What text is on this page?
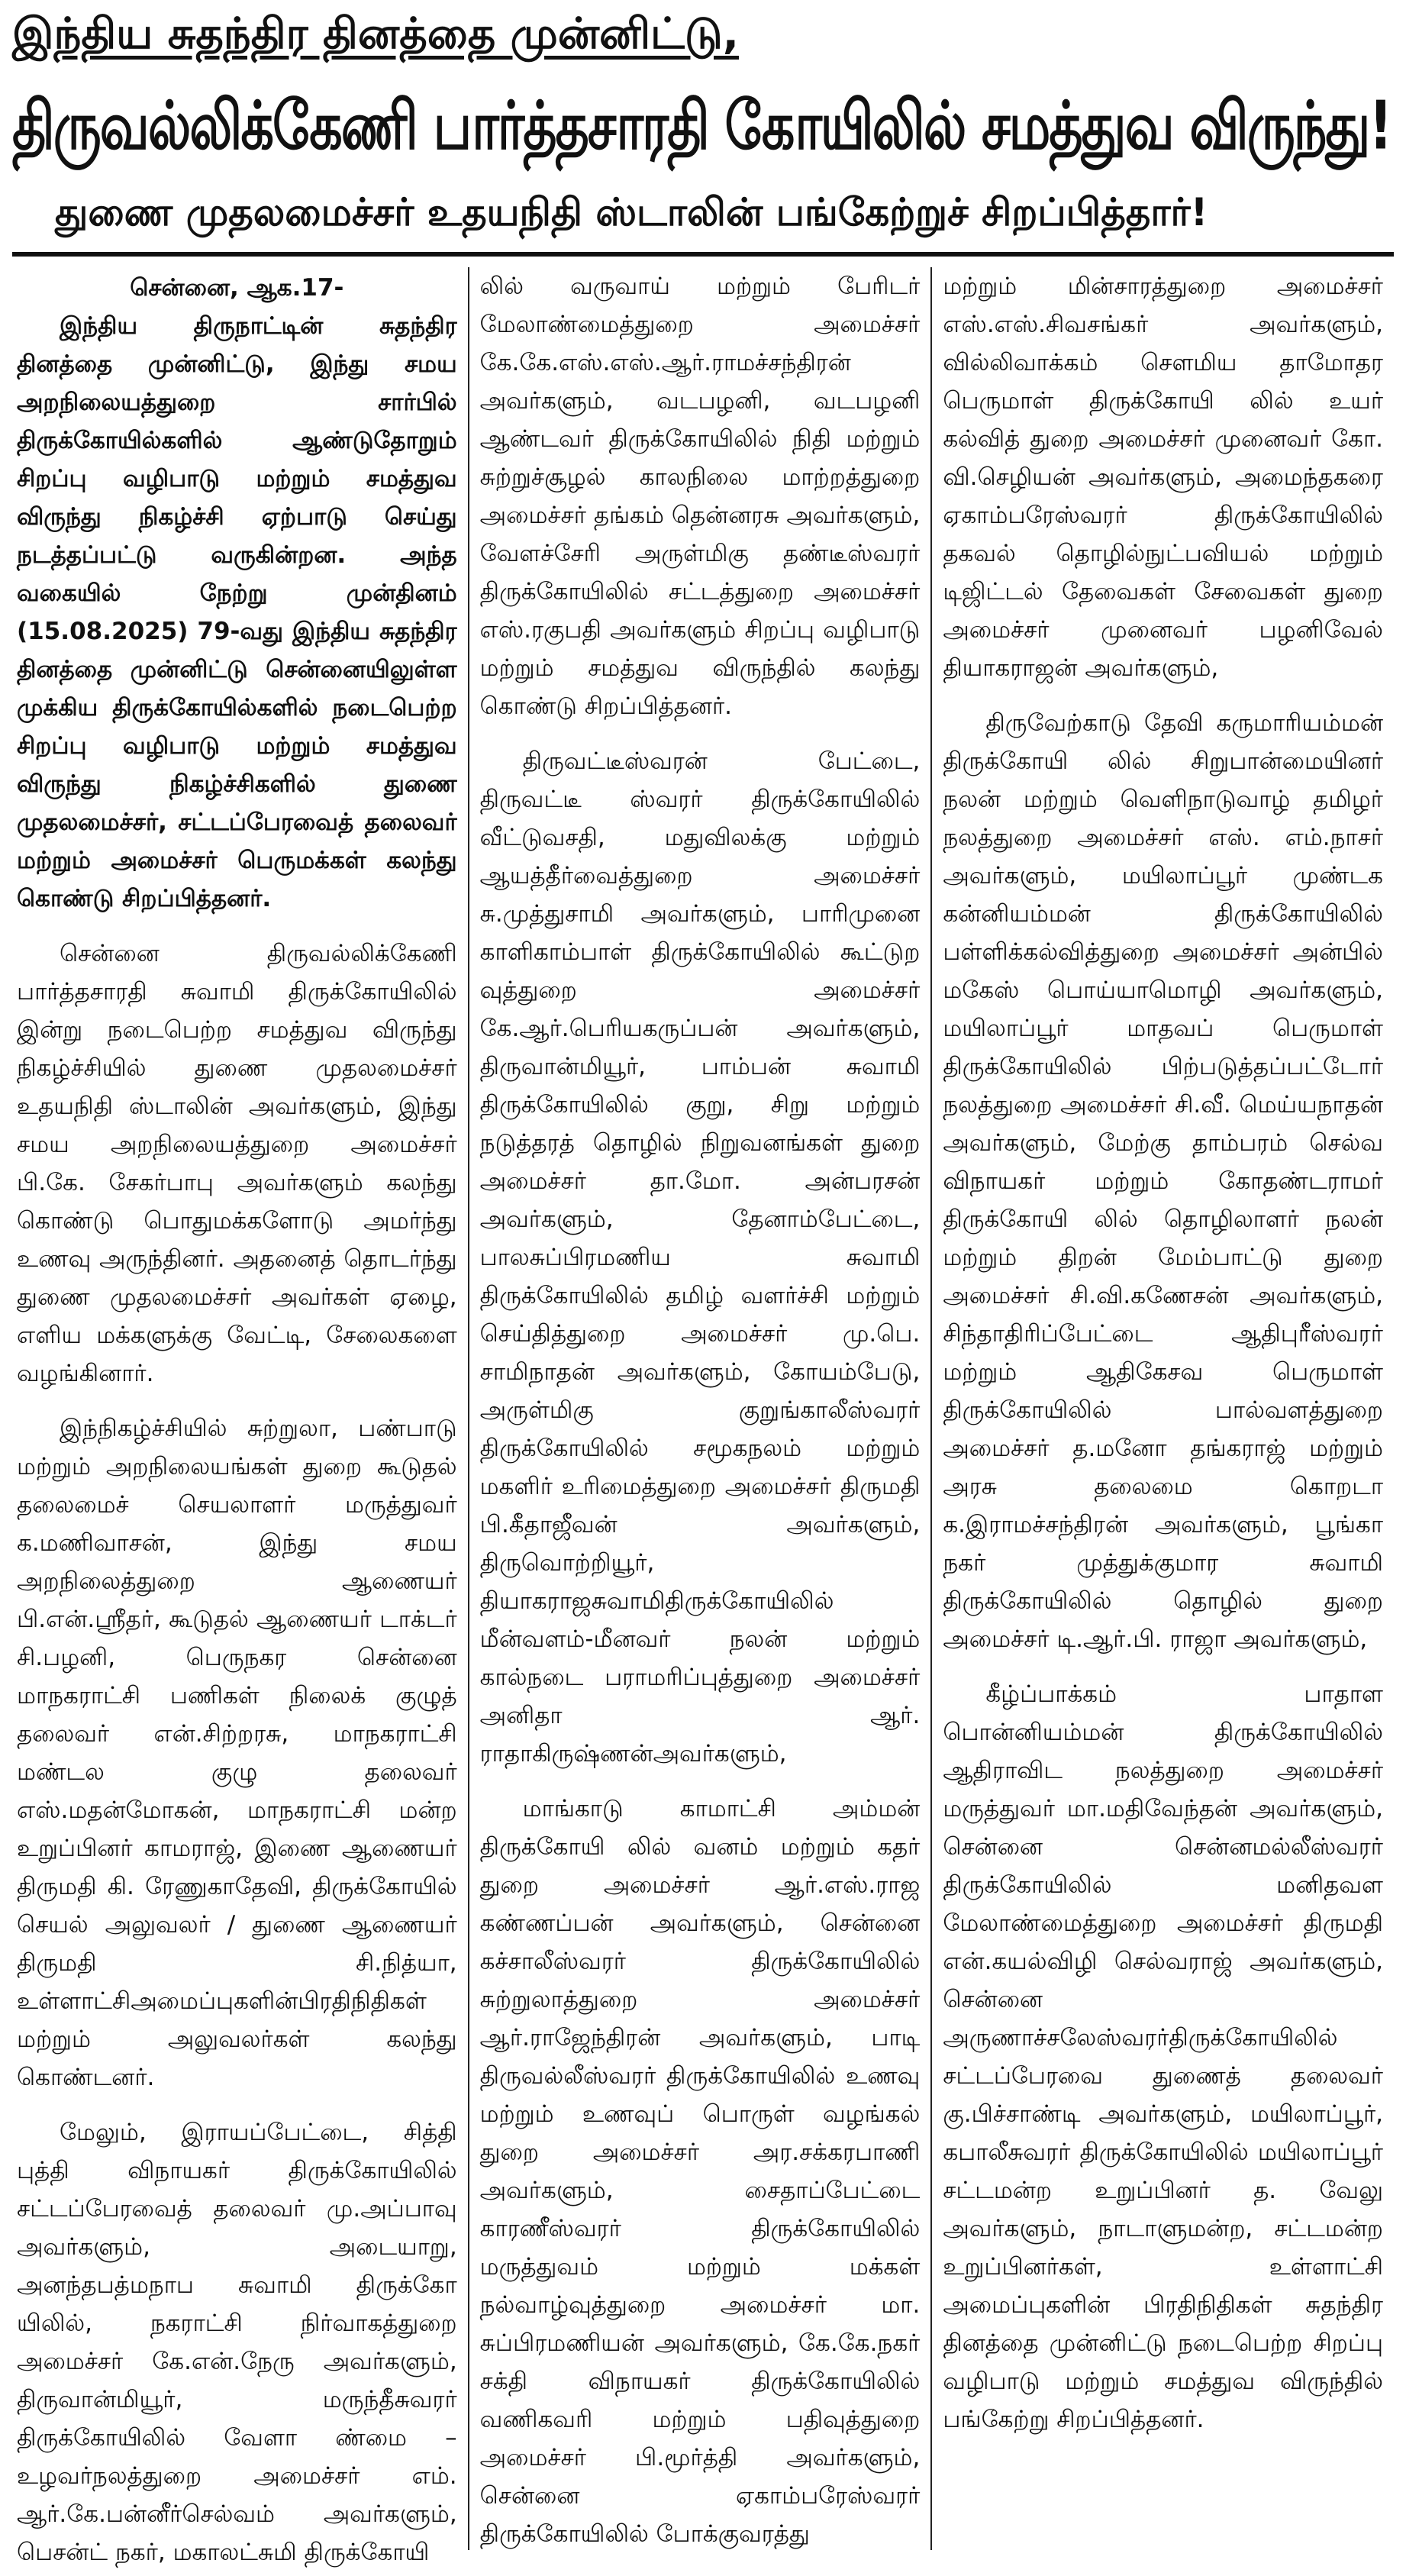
இந்திய சுதந்திர தினத்தை முன்னிட்டு,
திருவல்லிக்கேணி பார்த்தசாரதி கோயிலில் சமத்துவ விருந்து!
துணை முதலமைச்சர் உதயநிதி ஸ்டாலின் பங்கேற்றுச் சிறப்பித்தார்!
சென்னை, ஆக.17-

இந்திய திருநாட்டின் சுதந்திர தினத்தை முன்னிட்டு, இந்து சமய அறநிலையத்துறை சார்பில் திருக்கோயில்களில் ஆண்டுதோறும் சிறப்பு வழிபாடு மற்றும் சமத்துவ விருந்து நிகழ்ச்சி ஏற்பாடு செய்து நடத்தப்பட்டு வருகின்றன. அந்த வகையில் நேற்று முன்தினம் (15.08.2025) 79-வது இந்திய சுதந்திர தினத்தை முன்னிட்டு சென்னையிலுள்ள முக்கிய திருக்கோயில்களில் நடைபெற்ற சிறப்பு வழிபாடு மற்றும் சமத்துவ விருந்து நிகழ்ச்சிகளில் துணை முதலமைச்சர், சட்டப்பேரவைத் தலைவர் மற்றும் அமைச்சர் பெருமக்கள் கலந்து கொண்டு சிறப்பித்தனர்.

சென்னை திருவல்லிக்கேணி பார்த்தசாரதி சுவாமி திருக்கோயிலில் இன்று நடைபெற்ற சமத்துவ விருந்து நிகழ்ச்சியில் துணை முதலமைச்சர் உதயநிதி ஸ்டாலின் அவர்களும், இந்து சமய அறநிலையத்துறை அமைச்சர் பி.கே. சேகர்பாபு அவர்களும் கலந்து கொண்டு பொதுமக்களோடு அமர்ந்து உணவு அருந்தினர். அதனைத் தொடர்ந்து துணை முதலமைச்சர் அவர்கள் ஏழை, எளிய மக்களுக்கு வேட்டி, சேலைகளை வழங்கினார்.

இந்நிகழ்ச்சியில் சுற்றுலா, பண்பாடு மற்றும் அறநிலையங்கள் துறை கூடுதல் தலைமைச் செயலாளர் மருத்துவர் க.மணிவாசன், இந்து சமய அறநிலைத்துறை ஆணையர் பி.என்.ஸ்ரீதர், கூடுதல் ஆணையர் டாக்டர் சி.பழனி, பெருநகர சென்னை மாநகராட்சி பணிகள் நிலைக் குழுத் தலைவர் என்.சிற்றரசு, மாநகராட்சி மண்டல குழு தலைவர் எஸ்.மதன்மோகன், மாநகராட்சி மன்ற உறுப்பினர் காமராஜ், இணை ஆணையர் திருமதி கி. ரேணுகாதேவி, திருக்கோயில் செயல் அலுவலர் / துணை ஆணையர் திருமதி சி.நித்யா, உள்ளாட்சிஅமைப்புகளின்பிரதிநிதிகள் மற்றும் அலுவலர்கள் கலந்து கொண்டனர்.

மேலும், இராயப்பேட்டை, சித்தி புத்தி விநாயகர் திருக்கோயிலில் சட்டப்பேரவைத் தலைவர் மு.அப்பாவு அவர்களும், அடையாறு, அனந்தபத்மநாப சுவாமி திருக்கோ யிலில், நகராட்சி நிர்வாகத்துறை அமைச்சர் கே.என்.நேரு அவர்களும், திருவான்மியூர், மருந்தீசுவரர் திருக்கோயிலில் வேளா ண்மை – உழவர்நலத்துறை அமைச்சர் எம். ஆர்.கே.பன்னீர்செல்வம் அவர்களும், பெசன்ட் நகர், மகாலட்சுமி திருக்கோயி

லில் வருவாய் மற்றும் பேரிடர் மேலாண்மைத்துறை அமைச்சர் கே.கே.எஸ்.எஸ்.ஆர்.ராமச்சந்திரன் அவர்களும், வடபழனி, வடபழனி ஆண்டவர் திருக்கோயிலில் நிதி மற்றும் சுற்றுச்சூழல் காலநிலை மாற்றத்துறை அமைச்சர் தங்கம் தென்னரசு அவர்களும், வேளச்சேரி அருள்மிகு தண்டீஸ்வரர் திருக்கோயிலில் சட்டத்துறை அமைச்சர் எஸ்.ரகுபதி அவர்களும் சிறப்பு வழிபாடு மற்றும் சமத்துவ விருந்தில் கலந்து கொண்டு சிறப்பித்தனர்.

திருவட்டீஸ்வரன் பேட்டை, திருவட்டீ ஸ்வரர் திருக்கோயிலில் வீட்டுவசதி, மதுவிலக்கு மற்றும் ஆயத்தீர்வைத்துறை அமைச்சர் சு.முத்துசாமி அவர்களும், பாரிமுனை காளிகாம்பாள் திருக்கோயிலில் கூட்டுற வுத்துறை அமைச்சர் கே.ஆர்.பெரியகருப்பன் அவர்களும், திருவான்மியூர், பாம்பன் சுவாமி திருக்கோயிலில் குறு, சிறு மற்றும் நடுத்தரத் தொழில் நிறுவனங்கள் துறை அமைச்சர் தா.மோ. அன்பரசன் அவர்களும், தேனாம்பேட்டை, பாலசுப்பிரமணிய சுவாமி திருக்கோயிலில் தமிழ் வளர்ச்சி மற்றும் செய்தித்துறை அமைச்சர் மு.பெ. சாமிநாதன் அவர்களும், கோயம்பேடு, அருள்மிகு குறுங்காலீஸ்வரர் திருக்கோயிலில் சமூகநலம் மற்றும் மகளிர் உரிமைத்துறை அமைச்சர் திருமதி பி.கீதாஜீவன் அவர்களும், திருவொற்றியூர், தியாகராஜசுவாமிதிருக்கோயிலில் மீன்வளம்-மீனவர் நலன் மற்றும் கால்நடை பராமரிப்புத்துறை அமைச்சர் அனிதா ஆர். ராதாகிருஷ்ணன்அவர்களும்,

மாங்காடு காமாட்சி அம்மன் திருக்கோயி லில் வனம் மற்றும் கதர் துறை அமைச்சர் ஆர்.எஸ்.ராஜ கண்ணப்பன் அவர்களும், சென்னை கச்சாலீஸ்வரர் திருக்கோயிலில் சுற்றுலாத்துறை அமைச்சர் ஆர்.ராஜேந்திரன் அவர்களும், பாடி திருவல்லீஸ்வரர் திருக்கோயிலில் உணவு மற்றும் உணவுப் பொருள் வழங்கல் துறை அமைச்சர் அர.சக்கரபாணி அவர்களும், சைதாப்பேட்டை காரணீஸ்வரர் திருக்கோயிலில் மருத்துவம் மற்றும் மக்கள் நல்வாழ்வுத்துறை அமைச்சர் மா. சுப்பிரமணியன் அவர்களும், கே.கே.நகர் சக்தி விநாயகர் திருக்கோயிலில் வணிகவரி மற்றும் பதிவுத்துறை அமைச்சர் பி.மூர்த்தி அவர்களும், சென்னை ஏகாம்பரேஸ்வரர் திருக்கோயிலில் போக்குவரத்து

மற்றும் மின்சாரத்துறை அமைச்சர் எஸ்.எஸ்.சிவசங்கர் அவர்களும், வில்லிவாக்கம் சௌமிய தாமோதர பெருமாள் திருக்கோயி லில் உயர் கல்வித் துறை அமைச்சர் முனைவர் கோ. வி.செழியன் அவர்களும், அமைந்தகரை ஏகாம்பரேஸ்வரர் திருக்கோயிலில் தகவல் தொழில்நுட்பவியல் மற்றும் டிஜிட்டல் தேவைகள் சேவைகள் துறை அமைச்சர் முனைவர் பழனிவேல் தியாகராஜன் அவர்களும்,

திருவேற்காடு தேவி கருமாரியம்மன் திருக்கோயி லில் சிறுபான்மையினர் நலன் மற்றும் வெளிநாடுவாழ் தமிழர் நலத்துறை அமைச்சர் எஸ். எம்.நாசர் அவர்களும், மயிலாப்பூர் முண்டக கன்னியம்மன் திருக்கோயிலில் பள்ளிக்கல்வித்துறை அமைச்சர் அன்பில் மகேஸ் பொய்யாமொழி அவர்களும், மயிலாப்பூர் மாதவப் பெருமாள் திருக்கோயிலில் பிற்படுத்தப்பட்டோர் நலத்துறை அமைச்சர் சி.வீ. மெய்யநாதன் அவர்களும், மேற்கு தாம்பரம் செல்வ விநாயகர் மற்றும் கோதண்டராமர் திருக்கோயி லில் தொழிலாளர் நலன் மற்றும் திறன் மேம்பாட்டு துறை அமைச்சர் சி.வி.கணேசன் அவர்களும், சிந்தாதிரிப்பேட்டை ஆதிபுரீஸ்வரர் மற்றும் ஆதிகேசவ பெருமாள் திருக்கோயிலில் பால்வளத்துறை அமைச்சர் த.மனோ தங்கராஜ் மற்றும் அரசு தலைமை கொறடா க.இராமச்சந்திரன் அவர்களும், பூங்கா நகர் முத்துக்குமார சுவாமி திருக்கோயிலில் தொழில் துறை அமைச்சர் டி.ஆர்.பி. ராஜா அவர்களும்,

கீழ்ப்பாக்கம் பாதாள பொன்னியம்மன் திருக்கோயிலில் ஆதிராவிட நலத்துறை அமைச்சர் மருத்துவர் மா.மதிவேந்தன் அவர்களும், சென்னை சென்னமல்லீஸ்வரர் திருக்கோயிலில் மனிதவள மேலாண்மைத்துறை அமைச்சர் திருமதி என்.கயல்விழி செல்வராஜ் அவர்களும், சென்னை அருணாச்சலேஸ்வரர்திருக்கோயிலில் சட்டப்பேரவை துணைத் தலைவர் கு.பிச்சாண்டி அவர்களும், மயிலாப்பூர், கபாலீசுவரர் திருக்கோயிலில் மயிலாப்பூர் சட்டமன்ற உறுப்பினர் த. வேலு அவர்களும், நாடாளுமன்ற, சட்டமன்ற உறுப்பினர்கள், உள்ளாட்சி அமைப்புகளின் பிரதிநிதிகள் சுதந்திர தினத்தை முன்னிட்டு நடைபெற்ற சிறப்பு வழிபாடு மற்றும் சமத்துவ விருந்தில் பங்கேற்று சிறப்பித்தனர்.
